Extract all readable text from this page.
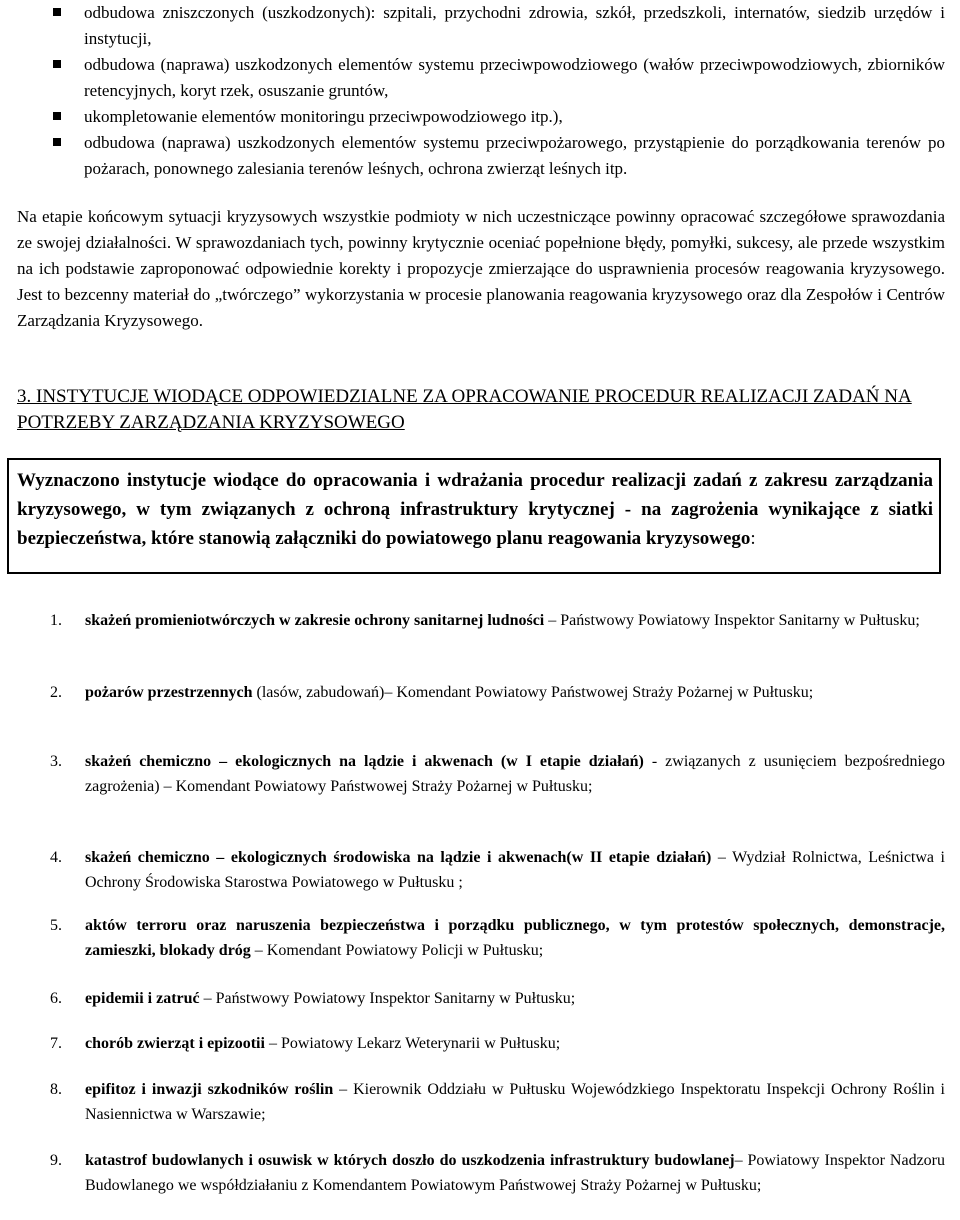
odbudowa zniszczonych (uszkodzonych): szpitali, przychodni zdrowia, szkół, przedszkoli, internatów, siedzib urzędów i instytucji,
odbudowa (naprawa) uszkodzonych elementów systemu przeciwpowodziowego (wałów przeciwpowodziowych, zbiorników retencyjnych, koryt rzek, osuszanie gruntów,
ukompletowanie elementów monitoringu przeciwpowodziowego itp.),
odbudowa (naprawa) uszkodzonych elementów systemu przeciwpożarowego, przystąpienie do porządkowania terenów po pożarach, ponownego zalesiania terenów leśnych, ochrona zwierząt leśnych itp.

Na etapie końcowym sytuacji kryzysowych wszystkie podmioty w nich uczestniczące powinny opracować szczegółowe sprawozdania ze swojej działalności. W sprawozdaniach tych, powinny krytycznie oceniać popełnione błędy, pomyłki, sukcesy, ale przede wszystkim na ich podstawie zaproponować odpowiednie korekty i propozycje zmierzające do usprawnienia procesów reagowania kryzysowego. Jest to bezcenny materiał do „twórczego” wykorzystania w procesie planowania reagowania kryzysowego oraz dla Zespołów i Centrów Zarządzania Kryzysowego.

3. INSTYTUCJE WIODĄCE ODPOWIEDZIALNE ZA OPRACOWANIE PROCEDUR REALIZACJI ZADAŃ NA POTRZEBY ZARZĄDZANIA KRYZYSOWEGO
Wyznaczono instytucje wiodące do opracowania i wdrażania procedur realizacji zadań z zakresu zarządzania kryzysowego, w tym związanych z ochroną infrastruktury krytycznej - na zagrożenia wynikające z siatki bezpieczeństwa, które stanowią załączniki do powiatowego planu reagowania kryzysowego:
1.	skażeń promieniotwórczych w zakresie ochrony sanitarnej ludności – Państwowy Powiatowy Inspektor Sanitarny w Pułtusku;
2.	pożarów przestrzennych (lasów, zabudowań)– Komendant Powiatowy Państwowej Straży Pożarnej w Pułtusku;
3.	skażeń chemiczno – ekologicznych na lądzie i akwenach (w I etapie działań) - związanych z usunięciem bezpośredniego zagrożenia) – Komendant Powiatowy Państwowej Straży Pożarnej w Pułtusku;
4.	skażeń chemiczno – ekologicznych środowiska na lądzie i akwenach(w II etapie działań) – Wydział Rolnictwa, Leśnictwa i Ochrony Środowiska Starostwa Powiatowego w Pułtusku ;
5.	aktów terroru oraz naruszenia bezpieczeństwa i porządku publicznego, w tym protestów społecznych, demonstracje, zamieszki, blokady dróg – Komendant Powiatowy Policji w Pułtusku;
6.	epidemii i zatruć – Państwowy Powiatowy Inspektor Sanitarny w Pułtusku;
7.	chorób zwierząt i epizootii – Powiatowy Lekarz Weterynarii w Pułtusku;
8.	epifitoz i inwazji szkodników roślin – Kierownik Oddziału w Pułtusku Wojewódzkiego Inspektoratu Inspekcji Ochrony Roślin i Nasiennictwa w Warszawie;
9.	katastrof budowlanych i osuwisk w których doszło do uszkodzenia infrastruktury budowlanej– Powiatowy Inspektor Nadzoru Budowlanego we współdziałaniu z Komendantem Powiatowym Państwowej Straży Pożarnej w Pułtusku;
